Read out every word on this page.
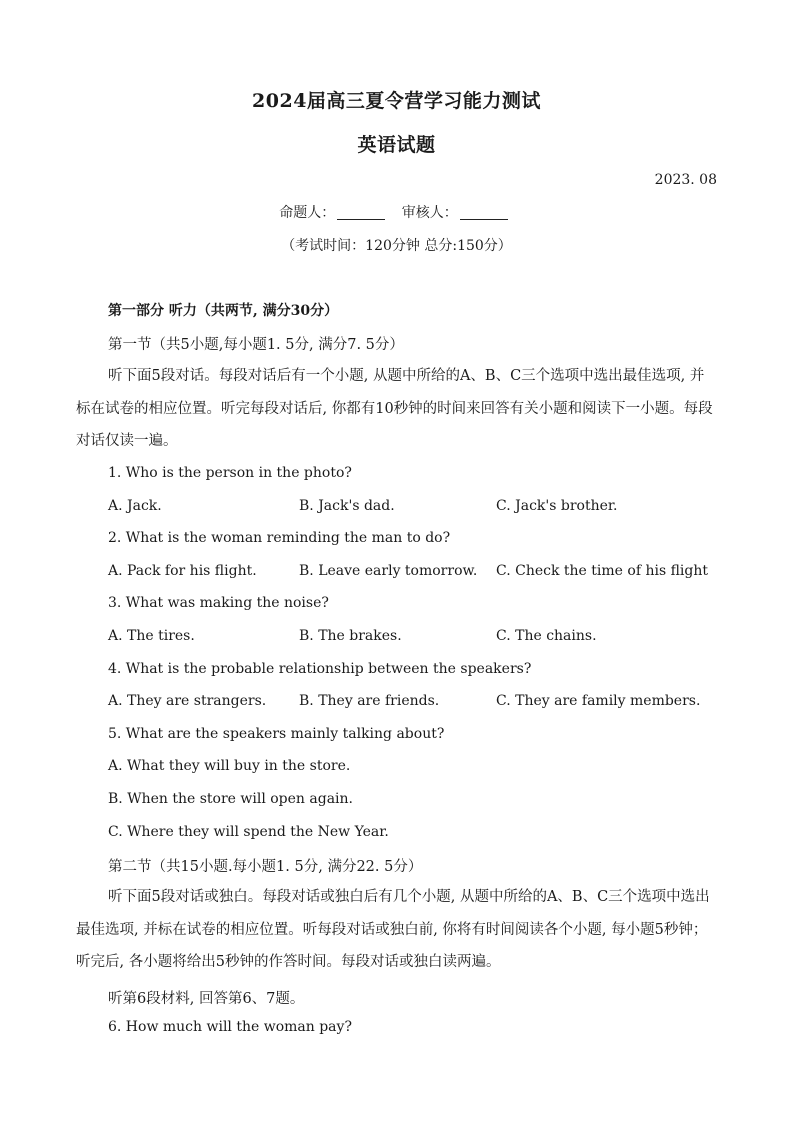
2024届高三夏令营学习能力测试
英语试题
2023. 08
命题人：	审核人：
（考试时间：120分钟 总分:150分）
第一部分 听力（共两节, 满分30分）
第一节（共5小题,每小题1. 5分, 满分7. 5分）
听下面5段对话。每段对话后有一个小题, 从题中所给的A、B、C三个选项中选出最佳选项, 并标在试卷的相应位置。听完每段对话后, 你都有10秒钟的时间来回答有关小题和阅读下一小题。每段对话仅读一遍。
1. Who is the person in the photo?
A. Jack.	B. Jack's dad.	C. Jack's brother.
2. What is the woman reminding the man to do?
A. Pack for his flight.	B. Leave early tomorrow. C. Check the time of his flight
3. What was making the noise?
A. The tires.	B. The brakes.	C. The chains.
4. What is the probable relationship between the speakers?
A. They are strangers. B. They are friends.	C. They are family members.
5. What are the speakers mainly talking about?
A. What they will buy in the store.
B. When the store will open again.
C. Where they will spend the New Year.
第二节（共15小题.每小题1. 5分, 满分22. 5分）
听下面5段对话或独白。每段对话或独白后有几个小题, 从题中所给的A、B、C三个选项中选出最佳选项, 并标在试卷的相应位置。听每段对话或独白前, 你将有时间阅读各个小题, 每小题5秒钟；听完后, 各小题将给出5秒钟的作答时间。每段对话或独白读两遍。
听第6段材料, 回答第6、7题。
6. How much will the woman pay?
